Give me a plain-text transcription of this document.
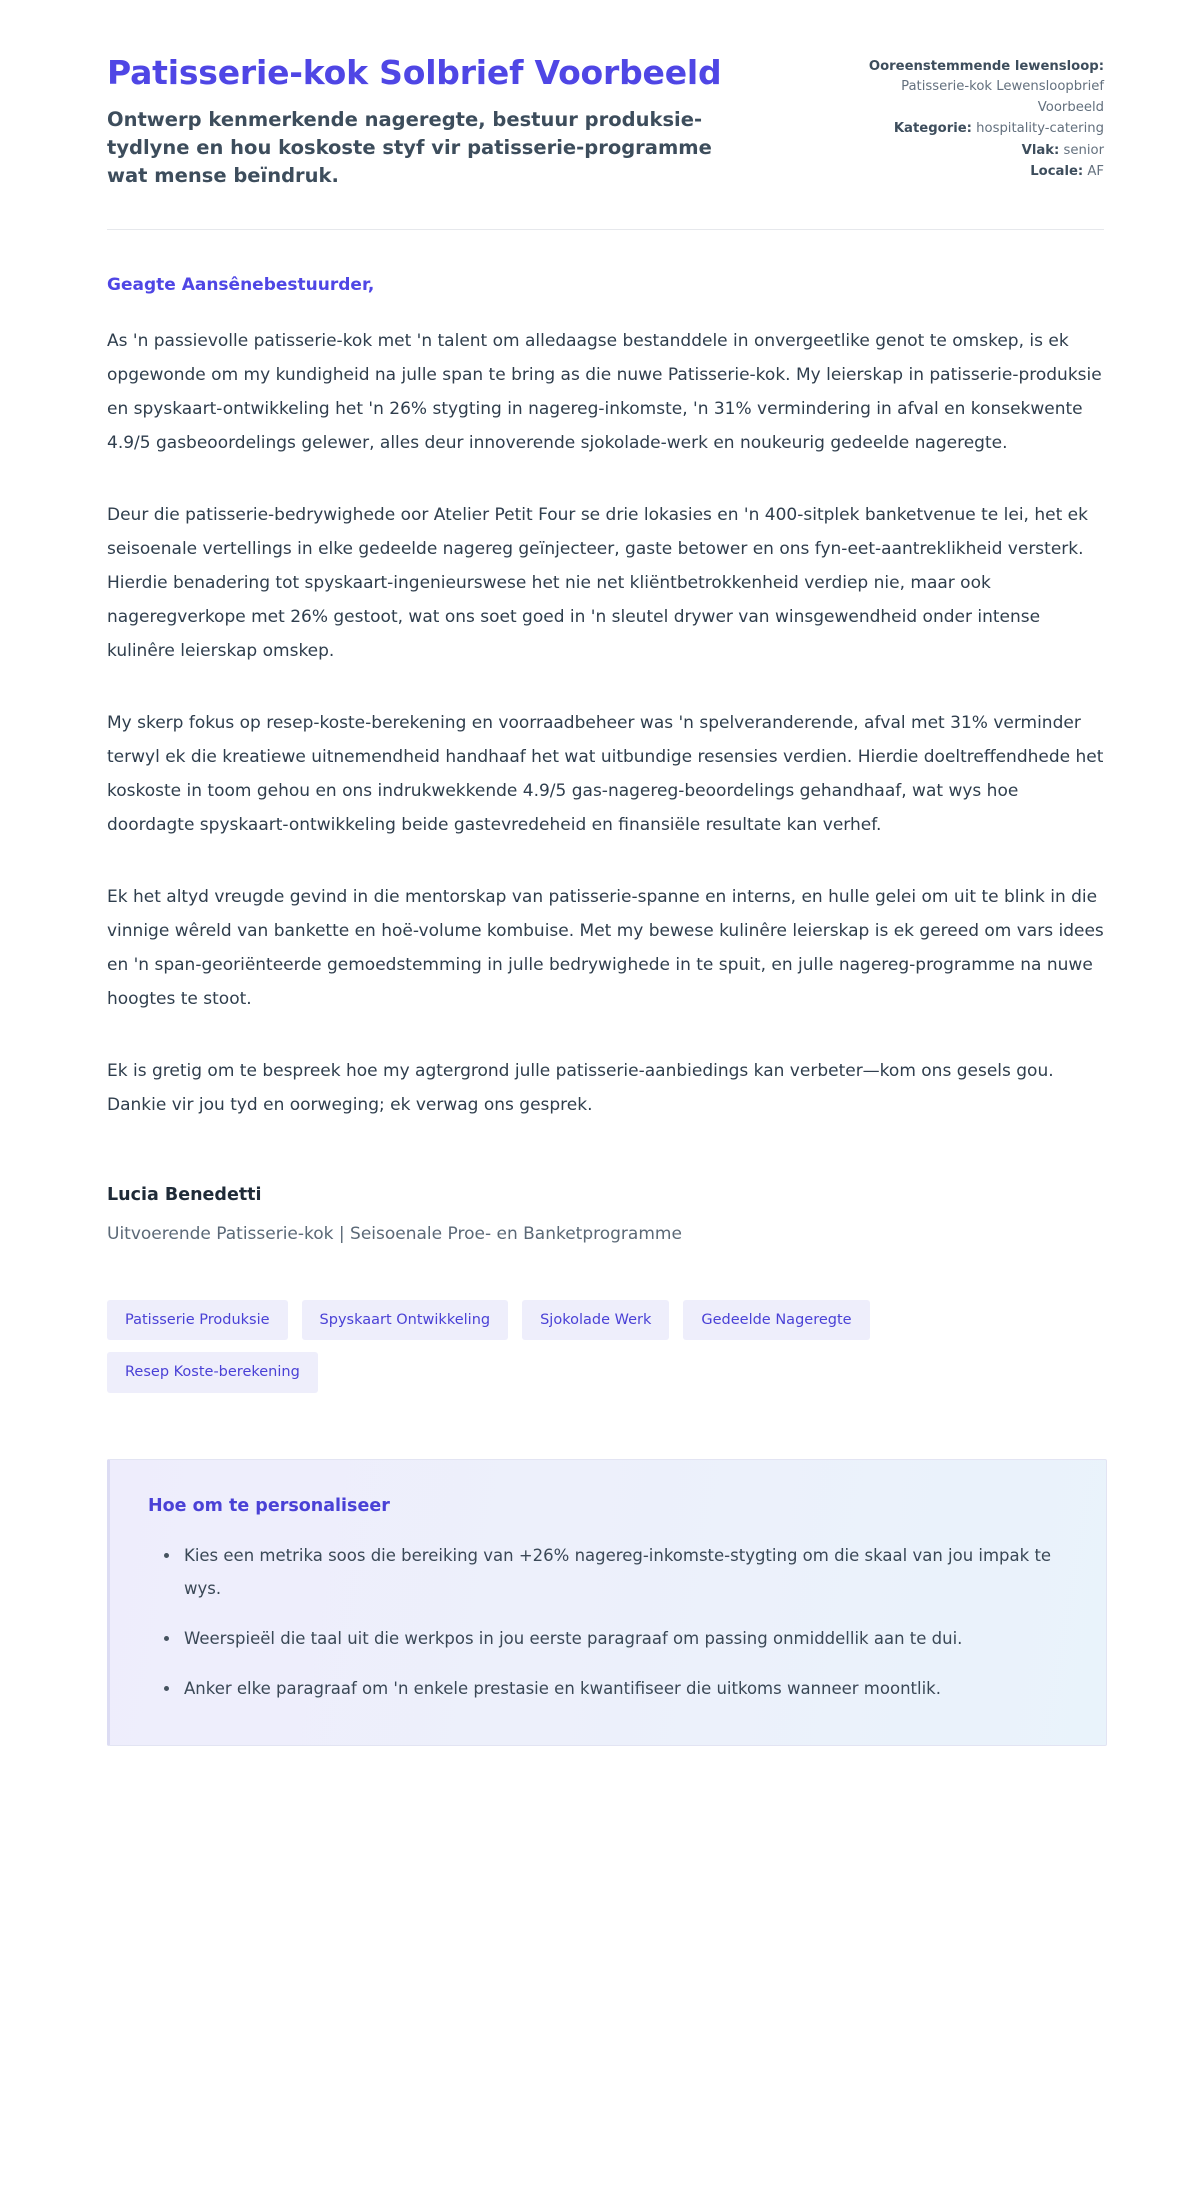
Patisserie-kok Solbrief Voorbeeld

Ontwerp kenmerkende nageregte, bestuur produksie-tydlyne en hou koskoste styf vir patisserie-programme wat mense beïndruk.

Ooreenstemmende lewensloop: Patisserie-kok Lewensloopbrief Voorbeeld
Kategorie: hospitality-catering
Vlak: senior
Locale: AF

Geagte Aansênebestuurder,

As 'n passievolle patisserie-kok met 'n talent om alledaagse bestanddele in onvergeetlike genot te omskep, is ek opgewonde om my kundigheid na julle span te bring as die nuwe Patisserie-kok. My leierskap in patisserie-produksie en spyskaart-ontwikkeling het 'n 26% stygting in nagereg-inkomste, 'n 31% vermindering in afval en konsekwente 4.9/5 gasbeoordelings gelewer, alles deur innoverende sjokolade-werk en noukeurig gedeelde nageregte.

Deur die patisserie-bedrywighede oor Atelier Petit Four se drie lokasies en 'n 400-sitplek banketvenue te lei, het ek seisoenale vertellings in elke gedeelde nagereg geïnjecteer, gaste betower en ons fyn-eet-aantreklikheid versterk. Hierdie benadering tot spyskaart-ingenieurswese het nie net kliëntbetrokkenheid verdiep nie, maar ook nageregverkope met 26% gestoot, wat ons soet goed in 'n sleutel drywer van winsgewendheid onder intense kulinêre leierskap omskep.

My skerp fokus op resep-koste-berekening en voorraadbeheer was 'n spelveranderende, afval met 31% verminder terwyl ek die kreatiewe uitnemendheid handhaaf het wat uitbundige resensies verdien. Hierdie doeltreffendhede het koskoste in toom gehou en ons indrukwekkende 4.9/5 gas-nagereg-beoordelings gehandhaaf, wat wys hoe doordagte spyskaart-ontwikkeling beide gastevredeheid en finansiële resultate kan verhef.

Ek het altyd vreugde gevind in die mentorskap van patisserie-spanne en interns, en hulle gelei om uit te blink in die vinnige wêreld van bankette en hoë-volume kombuise. Met my bewese kulinêre leierskap is ek gereed om vars idees en 'n span-georiënteerde gemoedstemming in julle bedrywighede in te spuit, en julle nagereg-programme na nuwe hoogtes te stoot.

Ek is gretig om te bespreek hoe my agtergrond julle patisserie-aanbiedings kan verbeter—kom ons gesels gou. Dankie vir jou tyd en oorweging; ek verwag ons gesprek.

Lucia Benedetti

Uitvoerende Patisserie-kok | Seisoenale Proe- en Banketprogramme

Patisserie Produksie	Spyskaart Ontwikkeling	Sjokolade Werk	Gedeelde Nageregte
Resep Koste-berekening
Hoe om te personaliseer
Kies een metrika soos die bereiking van +26% nagereg-inkomste-stygting om die skaal van jou impak te wys.
Weerspieël die taal uit die werkpos in jou eerste paragraaf om passing onmiddellik aan te dui.
Anker elke paragraaf om 'n enkele prestasie en kwantifiseer die uitkoms wanneer moontlik.
